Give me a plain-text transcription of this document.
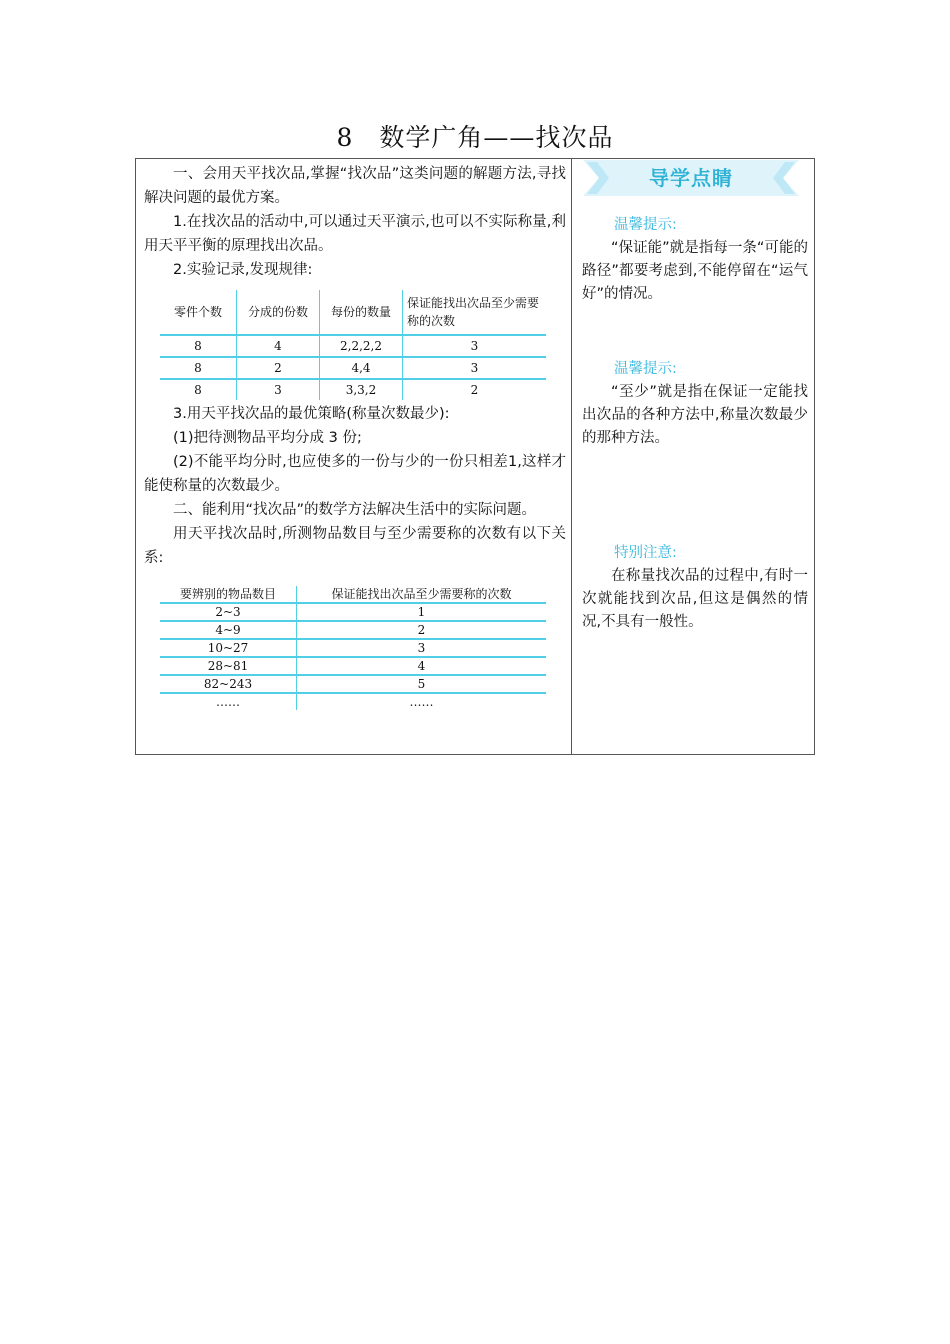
8　数学广角——找次品

一、会用天平找次品,掌握“找次品”这类问题的解题方法,寻找解决问题的最优方案。

1.在找次品的活动中,可以通过天平演示,也可以不实际称量,利用天平平衡的原理找出次品。

2.实验记录,发现规律:

零件个数	分成的份数	每份的数量	保证能找出次品至少需要称的次数
8	4	2,2,2,2	3
8	2	4,4	3
8	3	3,3,2	2

3.用天平找次品的最优策略(称量次数最少):

(1)把待测物品平均分成 3 份;

(2)不能平均分时,也应使多的一份与少的一份只相差1,这样才能使称量的次数最少。

二、能利用“找次品”的数学方法解决生活中的实际问题。

用天平找次品时,所测物品数目与至少需要称的次数有以下关系:

要辨别的物品数目	保证能找出次品至少需要称的次数
2~3	1
4~9	2
10~27	3
28~81	4
82~243	5
……	……
导学点睛
温馨提示:

“保证能”就是指每一条“可能的路径”都要考虑到,不能停留在“运气好”的情况。

温馨提示:

“至少”就是指在保证一定能找出次品的各种方法中,称量次数最少的那种方法。

特别注意:

在称量找次品的过程中,有时一次就能找到次品,但这是偶然的情况,不具有一般性。
